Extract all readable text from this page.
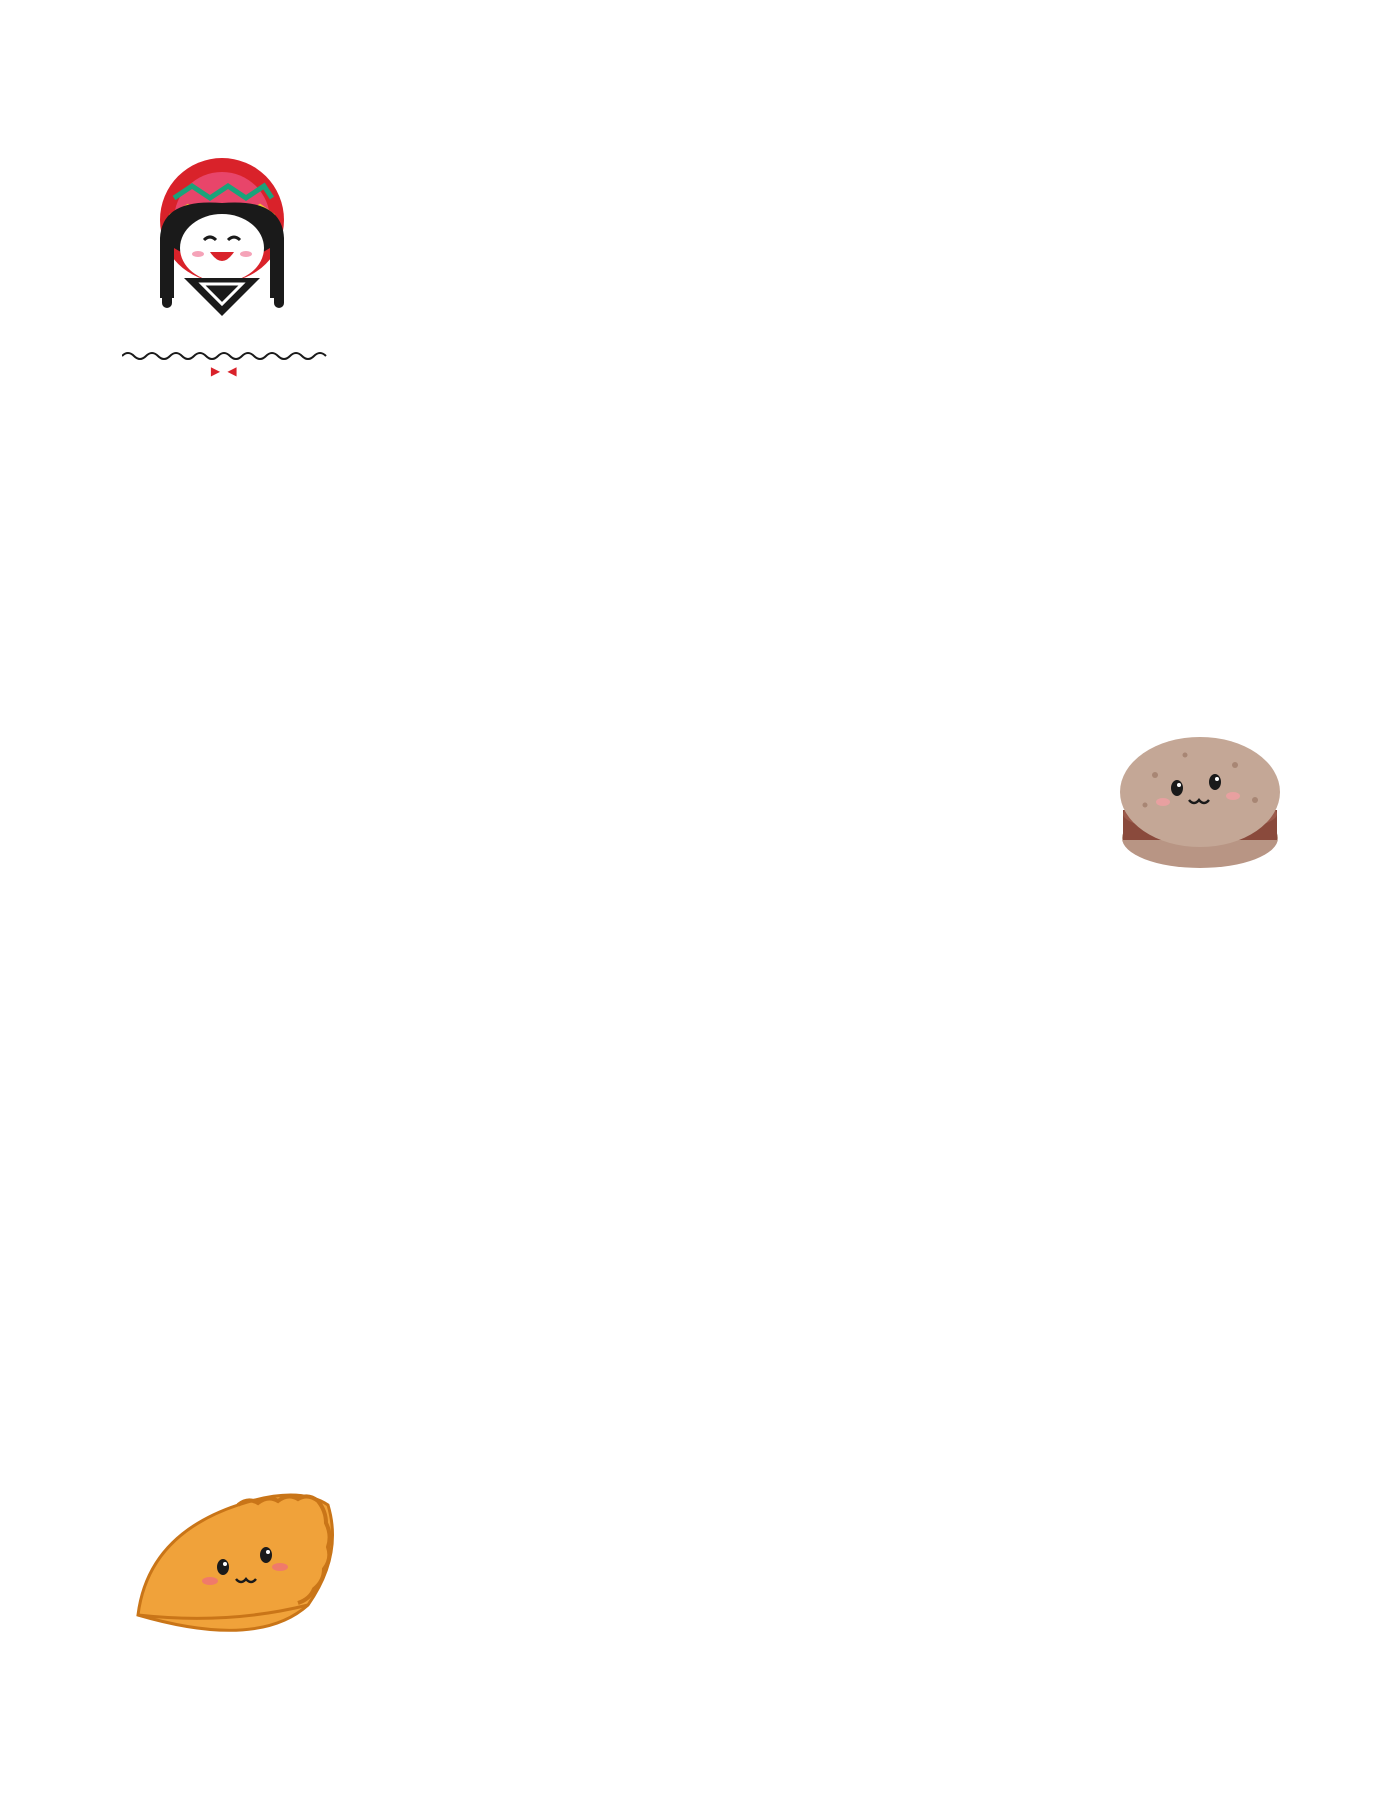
▶ ◀
